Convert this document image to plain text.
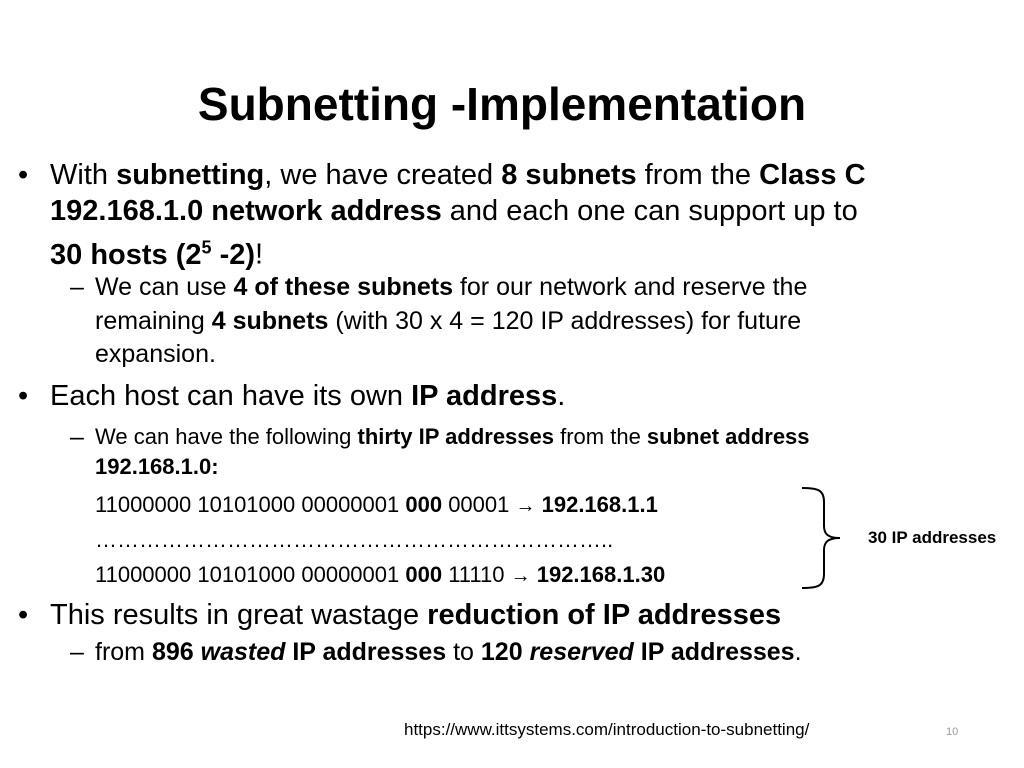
Subnetting -Implementation
• With subnetting, we have created 8 subnets from the Class C
192.168.1.0 network address and each one can support up to
30 hosts ($2^5$ -2)!
– We can use 4 of these subnets for our network and reserve the
remaining 4 subnets (with 30 x 4 = 120 IP addresses) for future
expansion.
• Each host can have its own IP address.
– We can have the following thirty IP addresses from the subnet address
192.168.1.0:
11000000 10101000 00000001 000 00001 → 192.168.1.1
……………………………………………………………..
11000000 10101000 00000001 000 11110 → 192.168.1.30
30 IP addresses
• This results in great wastage reduction of IP addresses
– from 896 wasted IP addresses to 120 reserved IP addresses.
https://www.ittsystems.com/introduction-to-subnetting/	10
